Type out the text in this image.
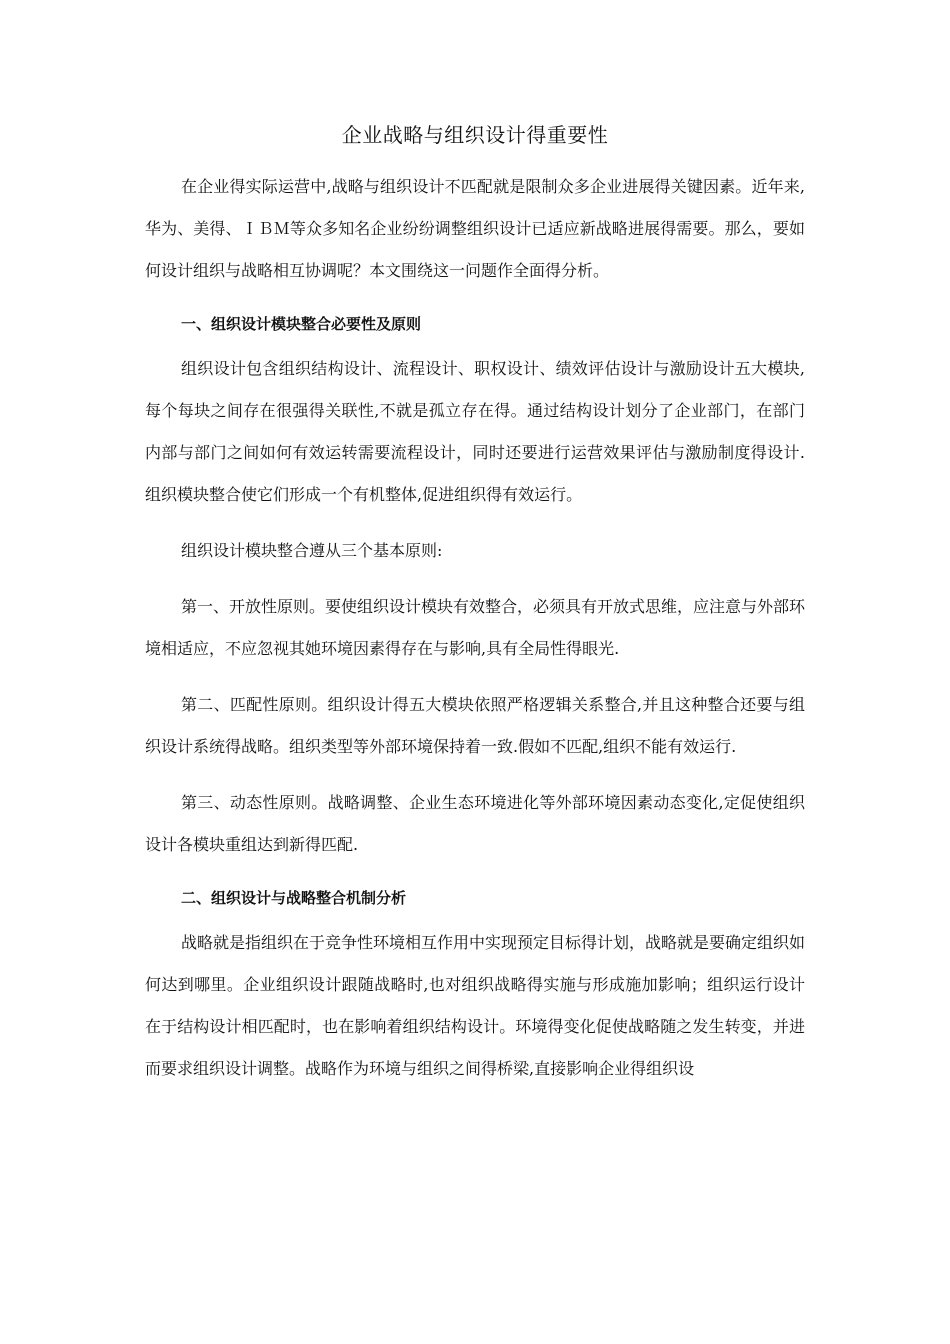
企业战略与组织设计得重要性

在企业得实际运营中,战略与组织设计不匹配就是限制众多企业进展得关键因素。近年来,华为、美得、ＩＢＭ等众多知名企业纷纷调整组织设计已适应新战略进展得需要。那么，要如何设计组织与战略相互协调呢？本文围绕这一问题作全面得分析。

一、组织设计模块整合必要性及原则

组织设计包含组织结构设计、流程设计、职权设计、绩效评估设计与激励设计五大模块,每个每块之间存在很强得关联性,不就是孤立存在得。通过结构设计划分了企业部门，在部门内部与部门之间如何有效运转需要流程设计，同时还要进行运营效果评估与激励制度得设计.组织模块整合使它们形成一个有机整体,促进组织得有效运行。

组织设计模块整合遵从三个基本原则:

第一、开放性原则。要使组织设计模块有效整合，必须具有开放式思维，应注意与外部环境相适应，不应忽视其她环境因素得存在与影响,具有全局性得眼光.

第二、匹配性原则。组织设计得五大模块依照严格逻辑关系整合,并且这种整合还要与组织设计系统得战略。组织类型等外部环境保持着一致.假如不匹配,组织不能有效运行.

第三、动态性原则。战略调整、企业生态环境进化等外部环境因素动态变化,定促使组织设计各模块重组达到新得匹配.

二、组织设计与战略整合机制分析

战略就是指组织在于竞争性环境相互作用中实现预定目标得计划，战略就是要确定组织如何达到哪里。企业组织设计跟随战略时,也对组织战略得实施与形成施加影响；组织运行设计在于结构设计相匹配时，也在影响着组织结构设计。环境得变化促使战略随之发生转变，并进而要求组织设计调整。战略作为环境与组织之间得桥梁,直接影响企业得组织设
